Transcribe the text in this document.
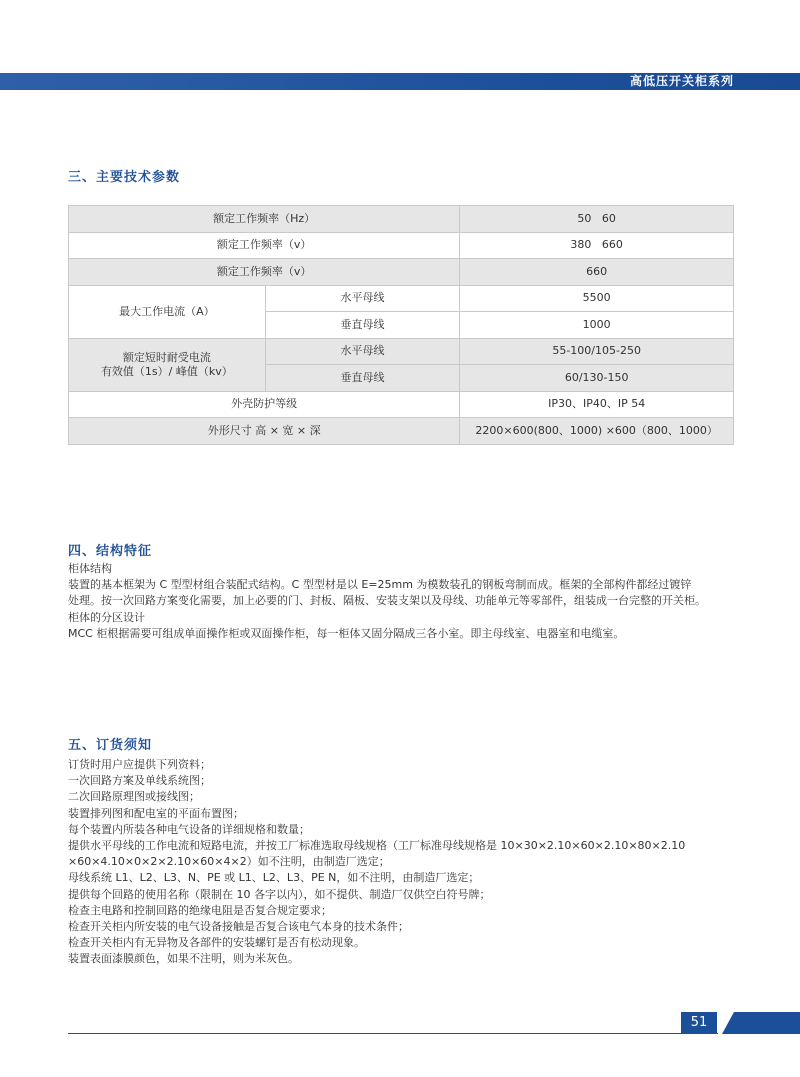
高低压开关柜系列
三、主要技术参数
额定工作频率（Hz）		50   60
额定工作频率（v）		380   660
额定工作频率（v）		660
最大工作电流（A）	水平母线	5500
	垂直母线	1000

额定短时耐受电流
有效值（1s）/ 峰值（kv）	水平母线	55-100/105-250
	垂直母线	60/130-150
外壳防护等级		IP30、IP40、IP 54
外形尺寸 高 × 宽 × 深		2200×600(800、1000) ×600（800、1000）
四、结构特征
柜体结构
装置的基本框架为 C 型型材组合装配式结构。C 型型材是以 E=25mm 为模数装孔的钢板弯制而成。框架的全部构件都经过镀锌
处理。按一次回路方案变化需要，加上必要的门、封板、隔板、安装支架以及母线、功能单元等零部件，组装成一台完整的开关柜。
柜体的分区设计
MCC 柜根据需要可组成单面操作柜或双面操作柜，每一柜体又固分隔成三各小室。即主母线室、电器室和电缆室。
五、订货须知
订货时用户应提供下列资料；
一次回路方案及单线系统图；
二次回路原理图或接线图；
装置排列图和配电室的平面布置图；
每个装置内所装各种电气设备的详细规格和数量；
提供水平母线的工作电流和短路电流，并按工厂标准选取母线规格（工厂标准母线规格是 10×30×2.10×60×2.10×80×2.10
×60×4.10×0×2×2.10×60×4×2）如不注明，由制造厂选定；
母线系统 L1、L2、L3、N、PE 或 L1、L2、L3、PE N，如不注明，由制造厂选定；
提供每个回路的使用名称（限制在 10 各字以内），如不提供、制造厂仅供空白符号牌；
检查主电路和控制回路的绝缘电阻是否复合规定要求；
检查开关柜内所安装的电气设备接触是否复合该电气本身的技术条件；
检查开关柜内有无异物及各部件的安装螺钉是否有松动现象。
装置表面漆膜颜色，如果不注明，则为米灰色。
51
